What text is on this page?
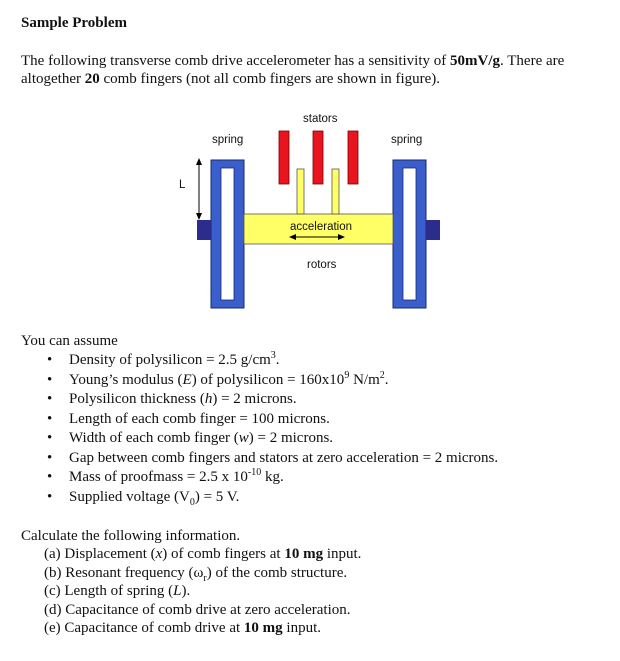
Sample Problem
The following transverse comb drive accelerometer has a sensitivity of 50mV/g. There are altogether 20 comb fingers (not all comb fingers are shown in figure).
stators
spring	spring
L
acceleration
rotors
You can assume
• Density of polysilicon = 2.5 $g/cm^3$.
• Young’s modulus (E) of polysilicon = $160x10^9$ $N/m^2$.
• Polysilicon thickness (h) = 2 microns.
• Length of each comb finger = 100 microns.
• Width of each comb finger (w) = 2 microns.
• Gap between comb fingers and stators at zero acceleration = 2 microns.
• Mass of proofmass = 2.5 x $10^{-10}$ kg.
• Supplied voltage $(V_0) = 5$ V.
Calculate the following information.
(a) Displacement (x) of comb fingers at 10 mg input.
(b) Resonant frequency $(\omega_r)$ of the comb structure.
(c) Length of spring (L).
(d) Capacitance of comb drive at zero acceleration.
(e) Capacitance of comb drive at 10 mg input.
